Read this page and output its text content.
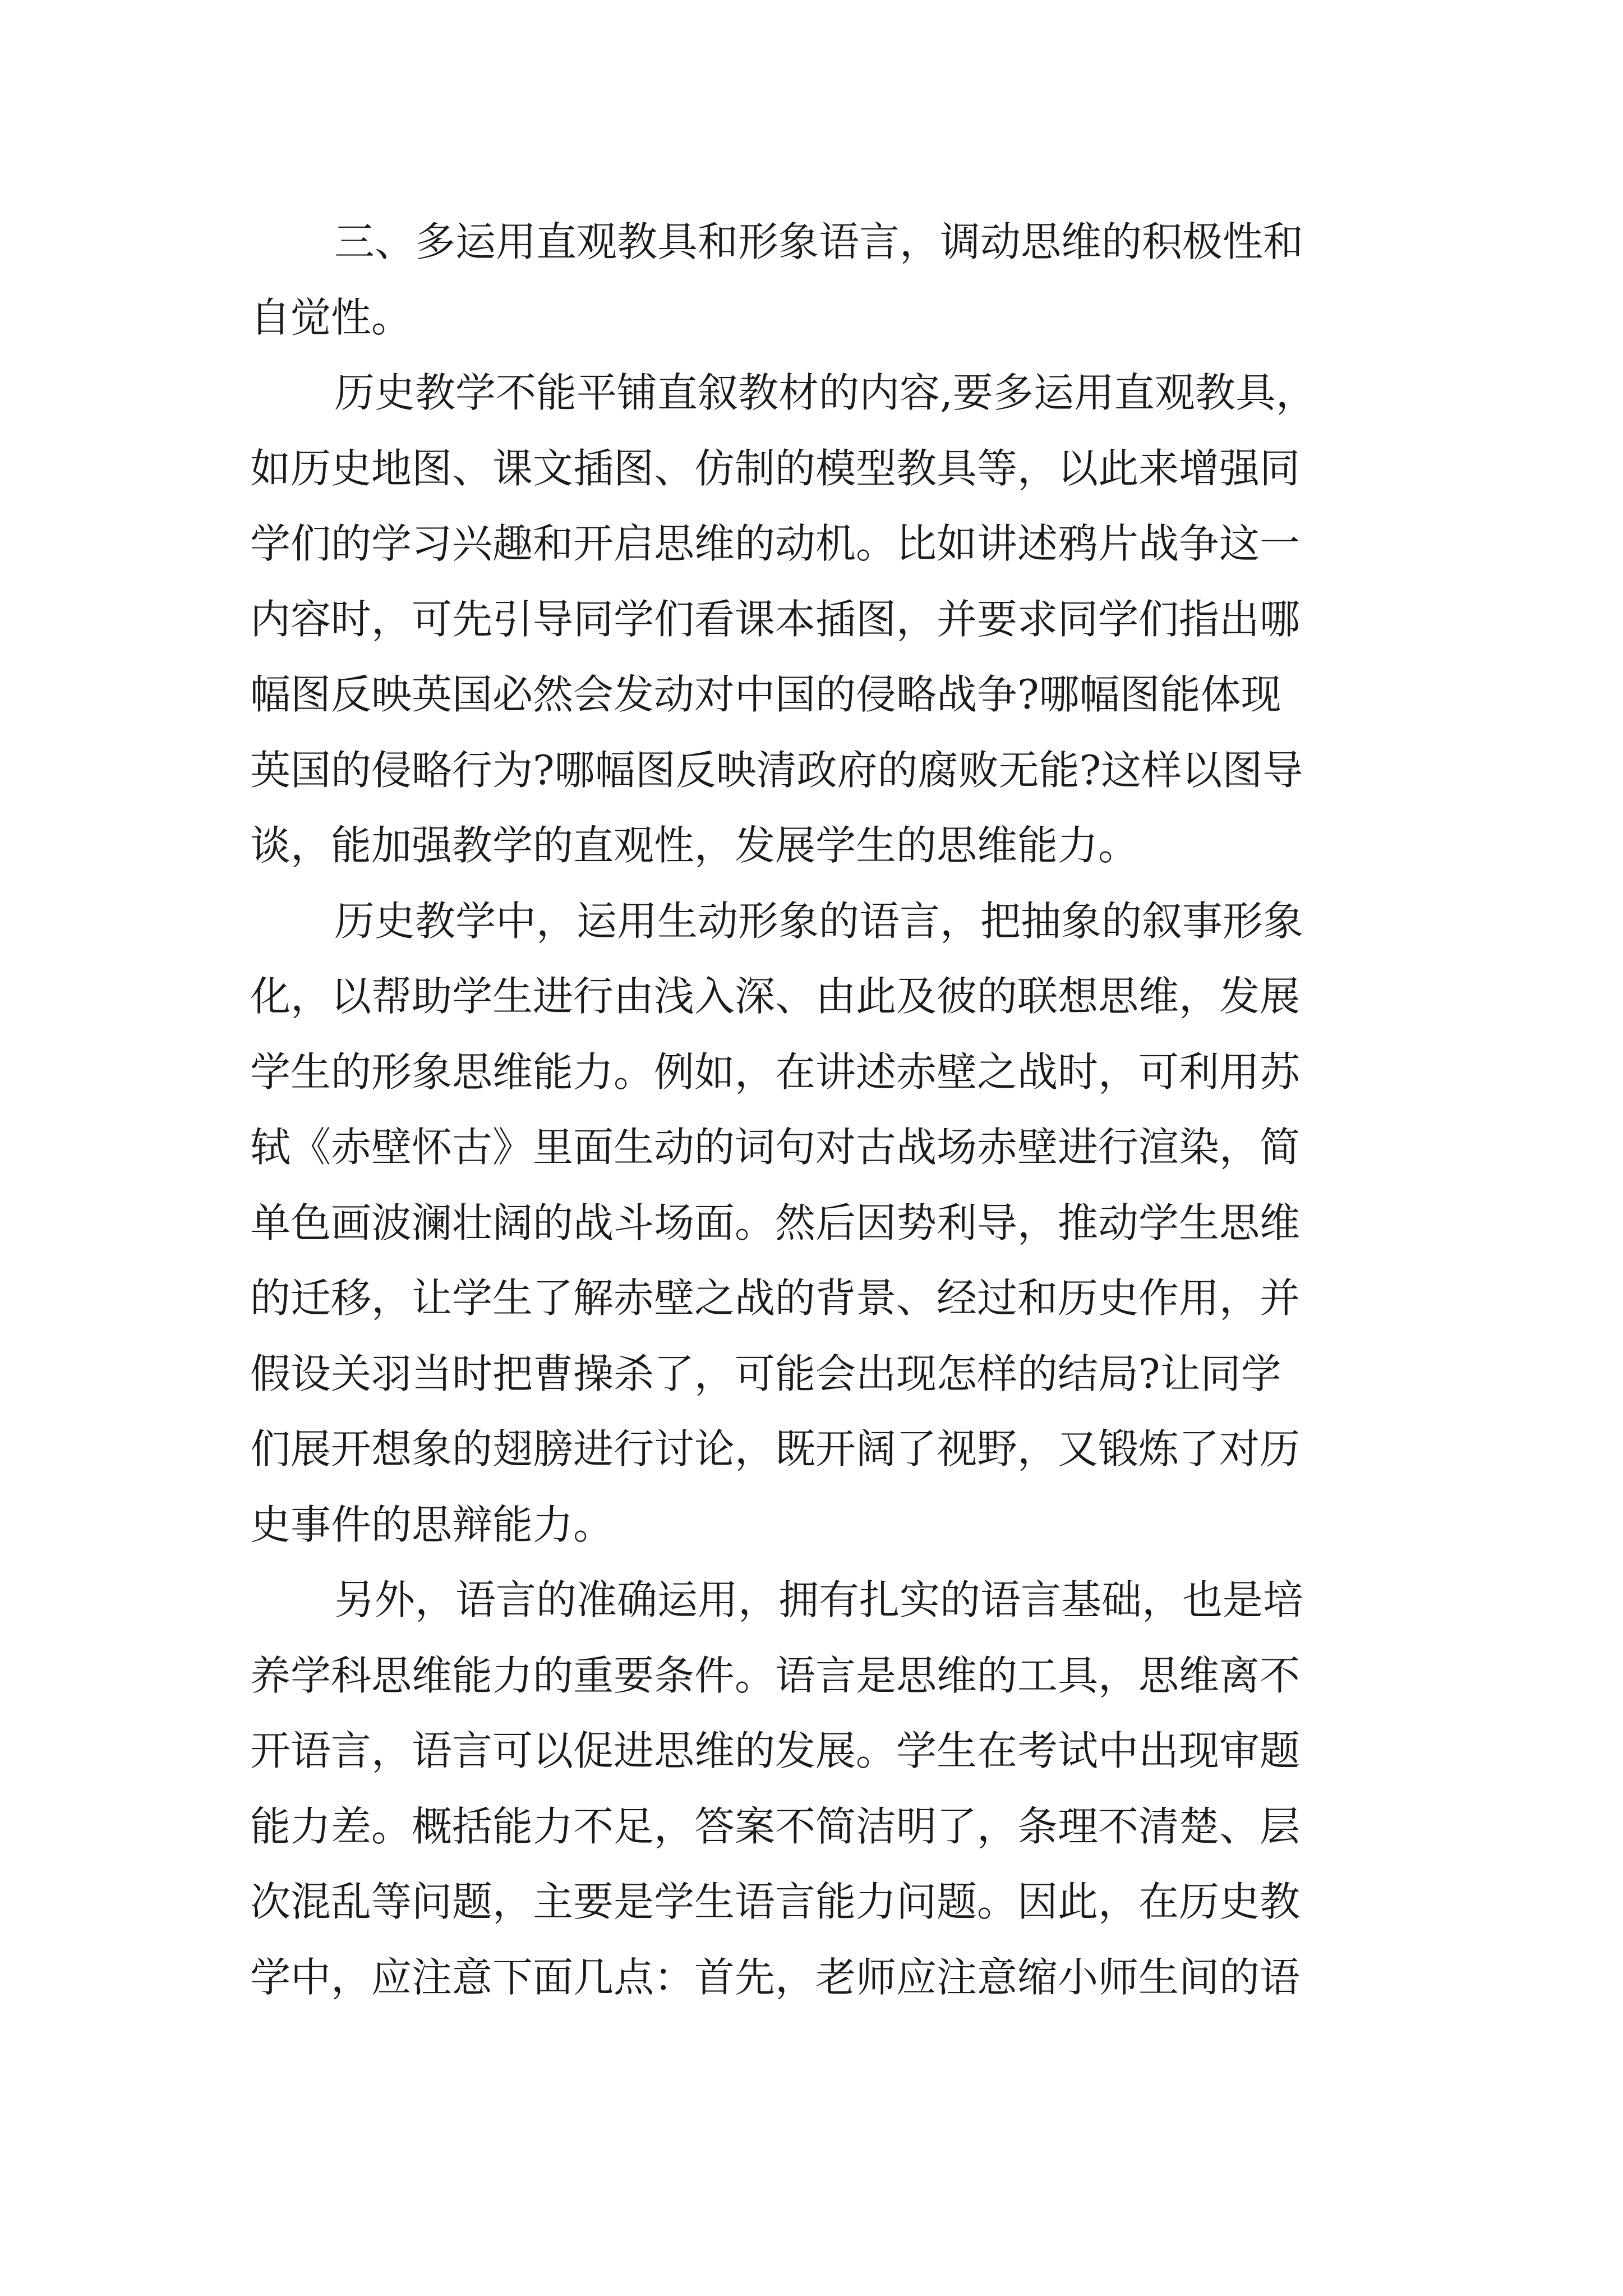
三、多运用直观教具和形象语言，调动思维的积极性和
自觉性。
历史教学不能平铺直叙教材的内容,要多运用直观教具，
如历史地图、课文插图、仿制的模型教具等，以此来增强同
学们的学习兴趣和开启思维的动机。比如讲述鸦片战争这一
内容时，可先引导同学们看课本插图，并要求同学们指出哪
幅图反映英国必然会发动对中国的侵略战争?哪幅图能体现
英国的侵略行为?哪幅图反映清政府的腐败无能?这样以图导
谈，能加强教学的直观性，发展学生的思维能力。
历史教学中，运用生动形象的语言，把抽象的叙事形象
化，以帮助学生进行由浅入深、由此及彼的联想思维，发展
学生的形象思维能力。例如，在讲述赤壁之战时，可利用苏
轼《赤壁怀古》里面生动的词句对古战场赤壁进行渲染，简
单色画波澜壮阔的战斗场面。然后因势利导，推动学生思维
的迁移，让学生了解赤壁之战的背景、经过和历史作用，并
假设关羽当时把曹操杀了，可能会出现怎样的结局?让同学
们展开想象的翅膀进行讨论，既开阔了视野，又锻炼了对历
史事件的思辩能力。
另外，语言的准确运用，拥有扎实的语言基础，也是培
养学科思维能力的重要条件。语言是思维的工具，思维离不
开语言，语言可以促进思维的发展。学生在考试中出现审题
能力差。概括能力不足，答案不简洁明了，条理不清楚、层
次混乱等问题，主要是学生语言能力问题。因此，在历史教
学中，应注意下面几点：首先，老师应注意缩小师生间的语
